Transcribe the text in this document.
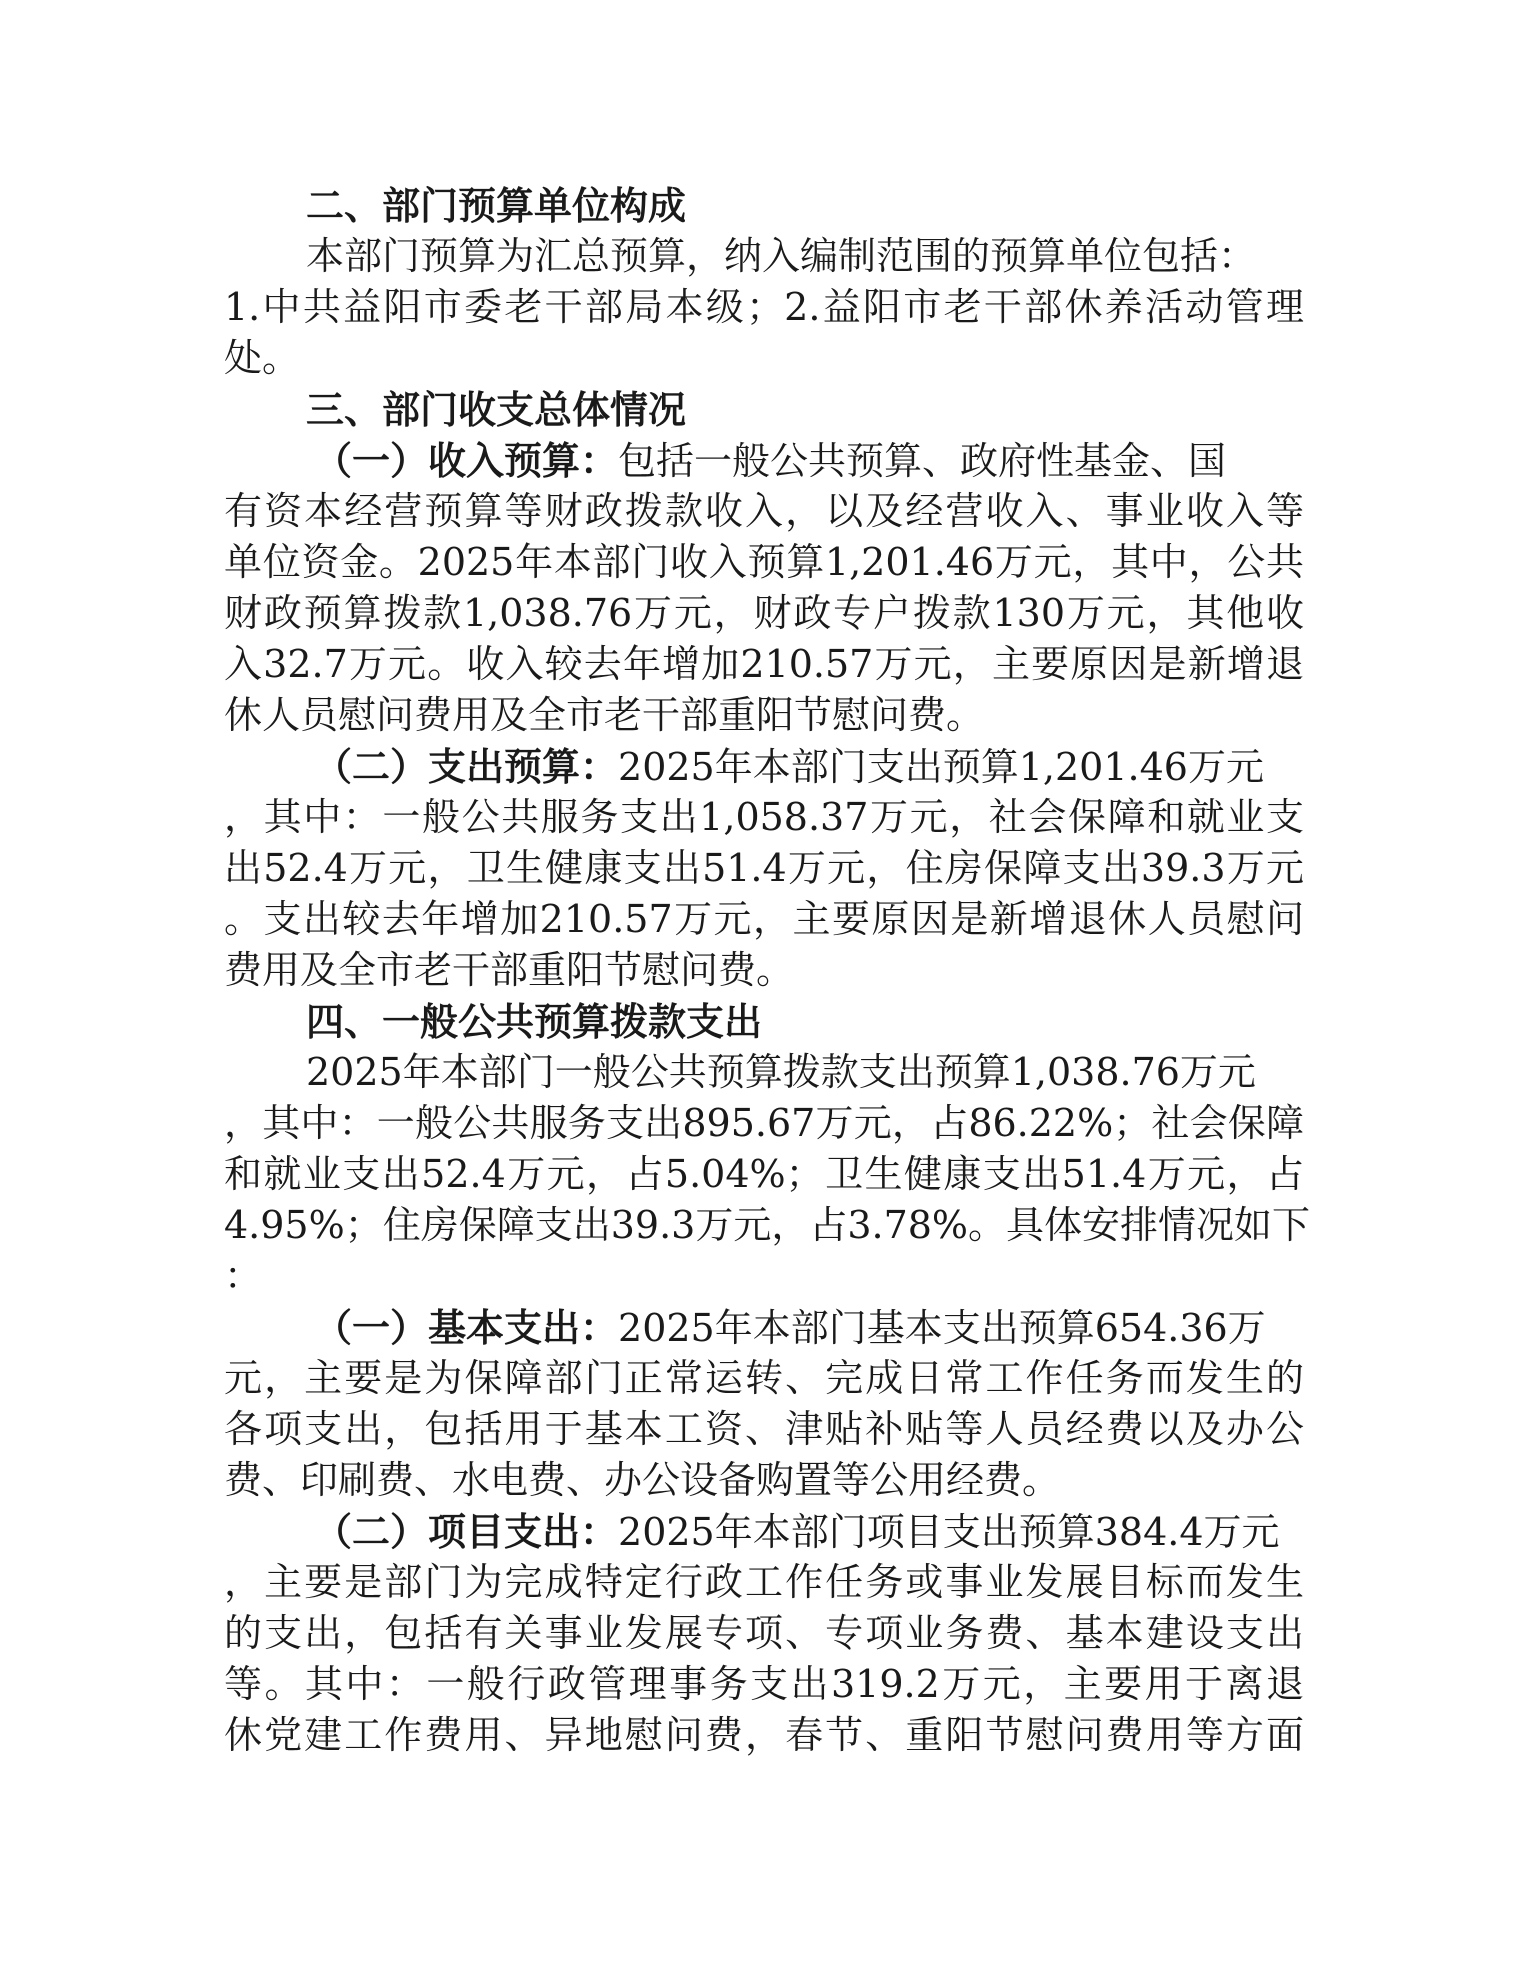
二、部门预算单位构成
本部门预算为汇总预算，纳入编制范围的预算单位包括：
1.中共益阳市委老干部局本级；2.益阳市老干部休养活动管理
处。
三、部门收支总体情况
（一）收入预算：包括一般公共预算、政府性基金、国
有资本经营预算等财政拨款收入，以及经营收入、事业收入等
单位资金。2025年本部门收入预算1,201.46万元，其中，公共
财政预算拨款1,038.76万元，财政专户拨款130万元，其他收
入32.7万元。收入较去年增加210.57万元，主要原因是新增退
休人员慰问费用及全市老干部重阳节慰问费。
（二）支出预算：2025年本部门支出预算1,201.46万元
，其中：一般公共服务支出1,058.37万元，社会保障和就业支
出52.4万元，卫生健康支出51.4万元，住房保障支出39.3万元
。支出较去年增加210.57万元，主要原因是新增退休人员慰问
费用及全市老干部重阳节慰问费。
四、一般公共预算拨款支出
2025年本部门一般公共预算拨款支出预算1,038.76万元
，其中：一般公共服务支出895.67万元，占86.22%；社会保障
和就业支出52.4万元，占5.04%；卫生健康支出51.4万元，占
4.95%；住房保障支出39.3万元，占3.78%。具体安排情况如下
：
（一）基本支出：2025年本部门基本支出预算654.36万
元，主要是为保障部门正常运转、完成日常工作任务而发生的
各项支出，包括用于基本工资、津贴补贴等人员经费以及办公
费、印刷费、水电费、办公设备购置等公用经费。
（二）项目支出：2025年本部门项目支出预算384.4万元
，主要是部门为完成特定行政工作任务或事业发展目标而发生
的支出，包括有关事业发展专项、专项业务费、基本建设支出
等。其中：一般行政管理事务支出319.2万元，主要用于离退
休党建工作费用、异地慰问费，春节、重阳节慰问费用等方面
